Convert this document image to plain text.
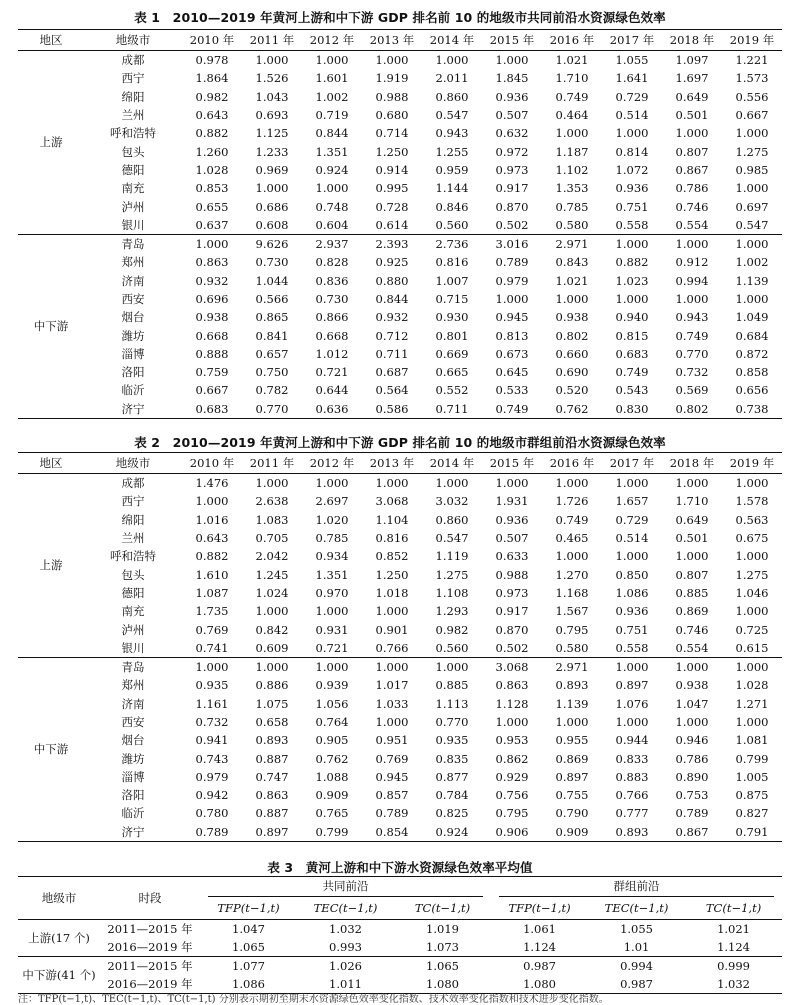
表 1　2010—2019 年黄河上游和中下游 GDP 排名前 10 的地级市共同前沿水资源绿色效率
地区	地级市	2010 年	2011 年	2012 年	2013 年	2014 年	2015 年	2016 年	2017 年	2018 年	2019 年
上游	成都	0.978	1.000	1.000	1.000	1.000	1.000	1.021	1.055	1.097	1.221
	西宁	1.864	1.526	1.601	1.919	2.011	1.845	1.710	1.641	1.697	1.573
	绵阳	0.982	1.043	1.002	0.988	0.860	0.936	0.749	0.729	0.649	0.556
	兰州	0.643	0.693	0.719	0.680	0.547	0.507	0.464	0.514	0.501	0.667
	呼和浩特	0.882	1.125	0.844	0.714	0.943	0.632	1.000	1.000	1.000	1.000
	包头	1.260	1.233	1.351	1.250	1.255	0.972	1.187	0.814	0.807	1.275
	德阳	1.028	0.969	0.924	0.914	0.959	0.973	1.102	1.072	0.867	0.985
	南充	0.853	1.000	1.000	0.995	1.144	0.917	1.353	0.936	0.786	1.000
	泸州	0.655	0.686	0.748	0.728	0.846	0.870	0.785	0.751	0.746	0.697
	银川	0.637	0.608	0.604	0.614	0.560	0.502	0.580	0.558	0.554	0.547
中下游	青岛	1.000	9.626	2.937	2.393	2.736	3.016	2.971	1.000	1.000	1.000
	郑州	0.863	0.730	0.828	0.925	0.816	0.789	0.843	0.882	0.912	1.002
	济南	0.932	1.044	0.836	0.880	1.007	0.979	1.021	1.023	0.994	1.139
	西安	0.696	0.566	0.730	0.844	0.715	1.000	1.000	1.000	1.000	1.000
	烟台	0.938	0.865	0.866	0.932	0.930	0.945	0.938	0.940	0.943	1.049
	潍坊	0.668	0.841	0.668	0.712	0.801	0.813	0.802	0.815	0.749	0.684
	淄博	0.888	0.657	1.012	0.711	0.669	0.673	0.660	0.683	0.770	0.872
	洛阳	0.759	0.750	0.721	0.687	0.665	0.645	0.690	0.749	0.732	0.858
	临沂	0.667	0.782	0.644	0.564	0.552	0.533	0.520	0.543	0.569	0.656
	济宁	0.683	0.770	0.636	0.586	0.711	0.749	0.762	0.830	0.802	0.738
表 2　2010—2019 年黄河上游和中下游 GDP 排名前 10 的地级市群组前沿水资源绿色效率
地区	地级市	2010 年	2011 年	2012 年	2013 年	2014 年	2015 年	2016 年	2017 年	2018 年	2019 年
上游	成都	1.476	1.000	1.000	1.000	1.000	1.000	1.000	1.000	1.000	1.000
	西宁	1.000	2.638	2.697	3.068	3.032	1.931	1.726	1.657	1.710	1.578
	绵阳	1.016	1.083	1.020	1.104	0.860	0.936	0.749	0.729	0.649	0.563
	兰州	0.643	0.705	0.785	0.816	0.547	0.507	0.465	0.514	0.501	0.675
	呼和浩特	0.882	2.042	0.934	0.852	1.119	0.633	1.000	1.000	1.000	1.000
	包头	1.610	1.245	1.351	1.250	1.275	0.988	1.270	0.850	0.807	1.275
	德阳	1.087	1.024	0.970	1.018	1.108	0.973	1.168	1.086	0.885	1.046
	南充	1.735	1.000	1.000	1.000	1.293	0.917	1.567	0.936	0.869	1.000
	泸州	0.769	0.842	0.931	0.901	0.982	0.870	0.795	0.751	0.746	0.725
	银川	0.741	0.609	0.721	0.766	0.560	0.502	0.580	0.558	0.554	0.615
中下游	青岛	1.000	1.000	1.000	1.000	1.000	3.068	2.971	1.000	1.000	1.000
	郑州	0.935	0.886	0.939	1.017	0.885	0.863	0.893	0.897	0.938	1.028
	济南	1.161	1.075	1.056	1.033	1.113	1.128	1.139	1.076	1.047	1.271
	西安	0.732	0.658	0.764	1.000	0.770	1.000	1.000	1.000	1.000	1.000
	烟台	0.941	0.893	0.905	0.951	0.935	0.953	0.955	0.944	0.946	1.081
	潍坊	0.743	0.887	0.762	0.769	0.835	0.862	0.869	0.833	0.786	0.799
	淄博	0.979	0.747	1.088	0.945	0.877	0.929	0.897	0.883	0.890	1.005
	洛阳	0.942	0.863	0.909	0.857	0.784	0.756	0.755	0.766	0.753	0.875
	临沂	0.780	0.887	0.765	0.789	0.825	0.795	0.790	0.777	0.789	0.827
	济宁	0.789	0.897	0.799	0.854	0.924	0.906	0.909	0.893	0.867	0.791
表 3　黄河上游和中下游水资源绿色效率平均值
地级市	时段	共同前沿			群组前沿		

		TFP(t−1,t)	TEC(t−1,t)	TC(t−1,t)	TFP(t−1,t)	TEC(t−1,t)	TC(t−1,t)
上游(17 个)	2011—2015 年	1.047	1.032	1.019	1.061	1.055	1.021
	2016—2019 年	1.065	0.993	1.073	1.124	1.01	1.124
中下游(41 个)	2011—2015 年	1.077	1.026	1.065	0.987	0.994	0.999
	2016—2019 年	1.086	1.011	1.080	1.080	0.987	1.032
注：TFP(t−1,t)、TEC(t−1,t)、TC(t−1,t) 分别表示期初至期末水资源绿色效率变化指数、技术效率变化指数和技术进步变化指数。
